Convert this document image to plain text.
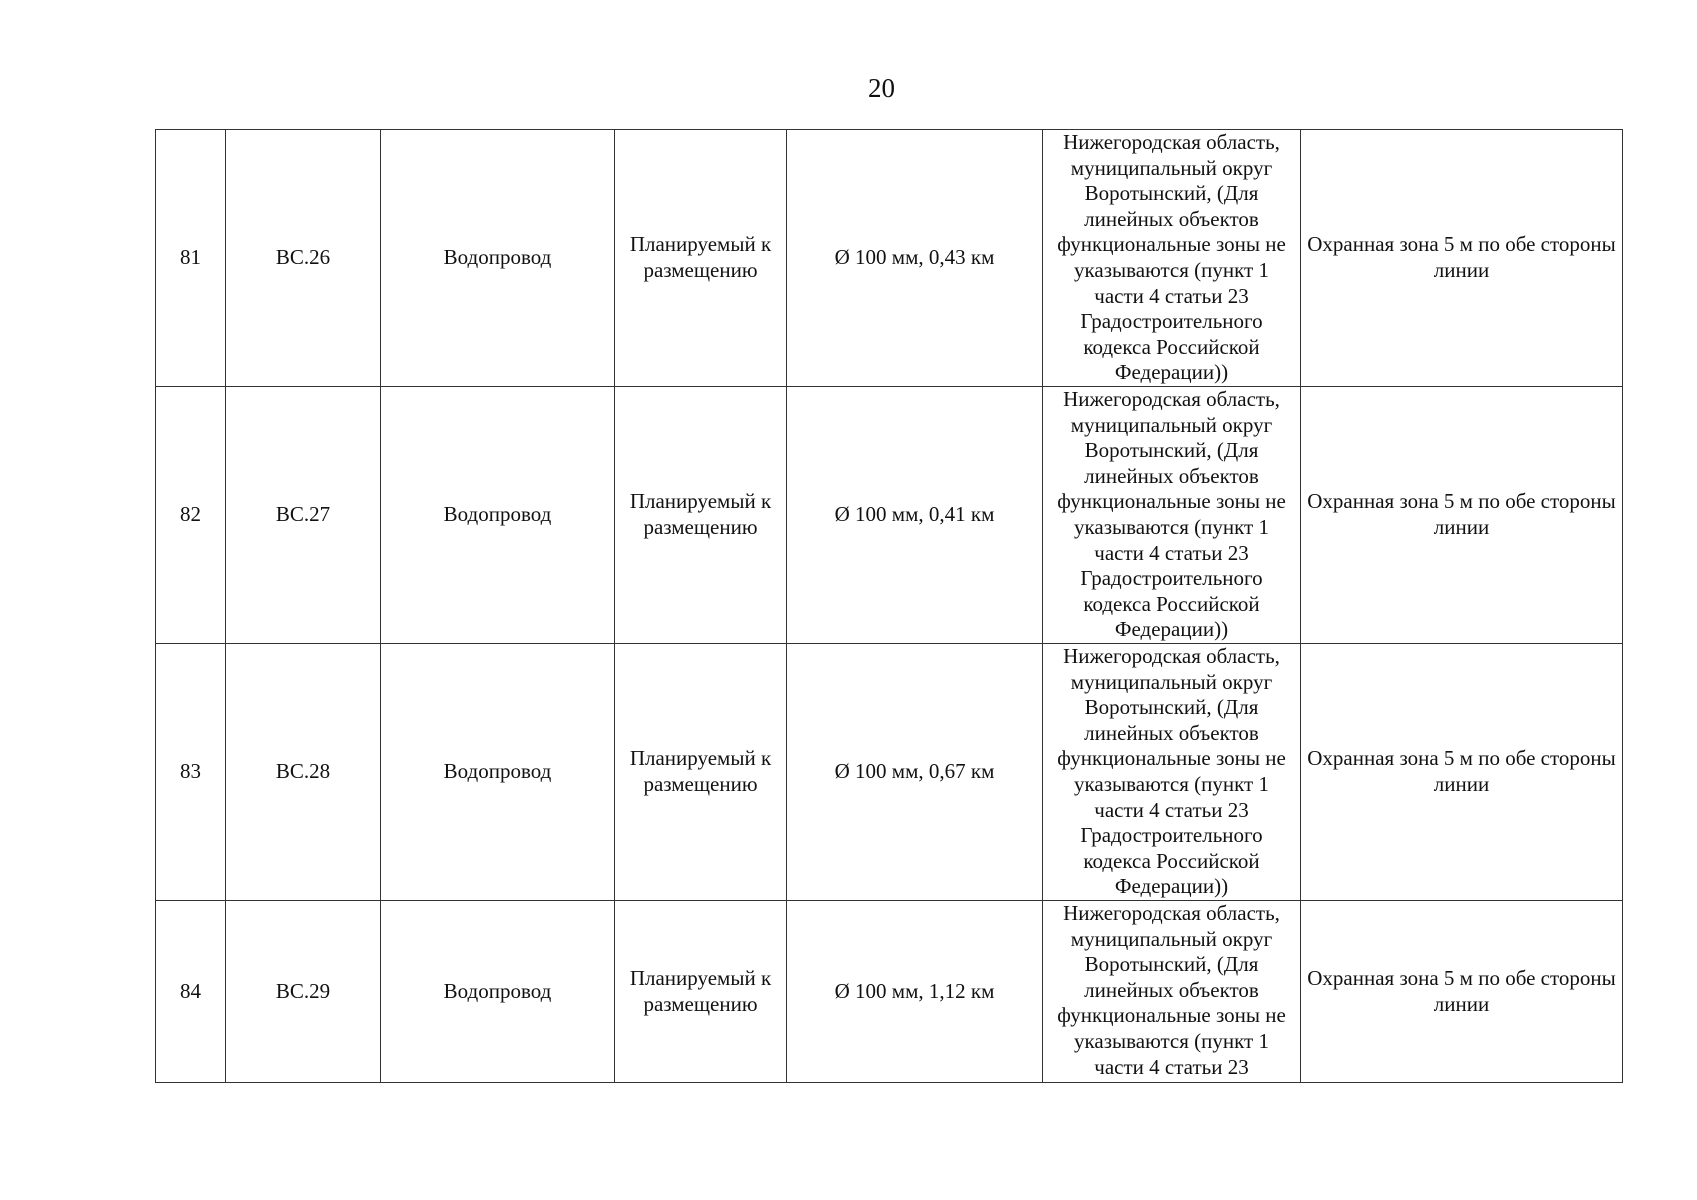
20
81	ВС.26	Водопровод	Планируемый к размещению	Ø 100 мм, 0,43 км	Нижегородская область, муниципальный округ Воротынский, (Для линейных объектов функциональные зоны не указываются (пункт 1 части 4 статьи 23 Градостроительного кодекса Российской Федерации))	Охранная зона 5 м по обе стороны линии
82	ВС.27	Водопровод	Планируемый к размещению	Ø 100 мм, 0,41 км	Нижегородская область, муниципальный округ Воротынский, (Для линейных объектов функциональные зоны не указываются (пункт 1 части 4 статьи 23 Градостроительного кодекса Российской Федерации))	Охранная зона 5 м по обе стороны линии
83	ВС.28	Водопровод	Планируемый к размещению	Ø 100 мм, 0,67 км	Нижегородская область, муниципальный округ Воротынский, (Для линейных объектов функциональные зоны не указываются (пункт 1 части 4 статьи 23 Градостроительного кодекса Российской Федерации))	Охранная зона 5 м по обе стороны линии
84	ВС.29	Водопровод	Планируемый к размещению	Ø 100 мм, 1,12 км	Нижегородская область, муниципальный округ Воротынский, (Для линейных объектов функциональные зоны не указываются (пункт 1 части 4 статьи 23	Охранная зона 5 м по обе стороны линии
